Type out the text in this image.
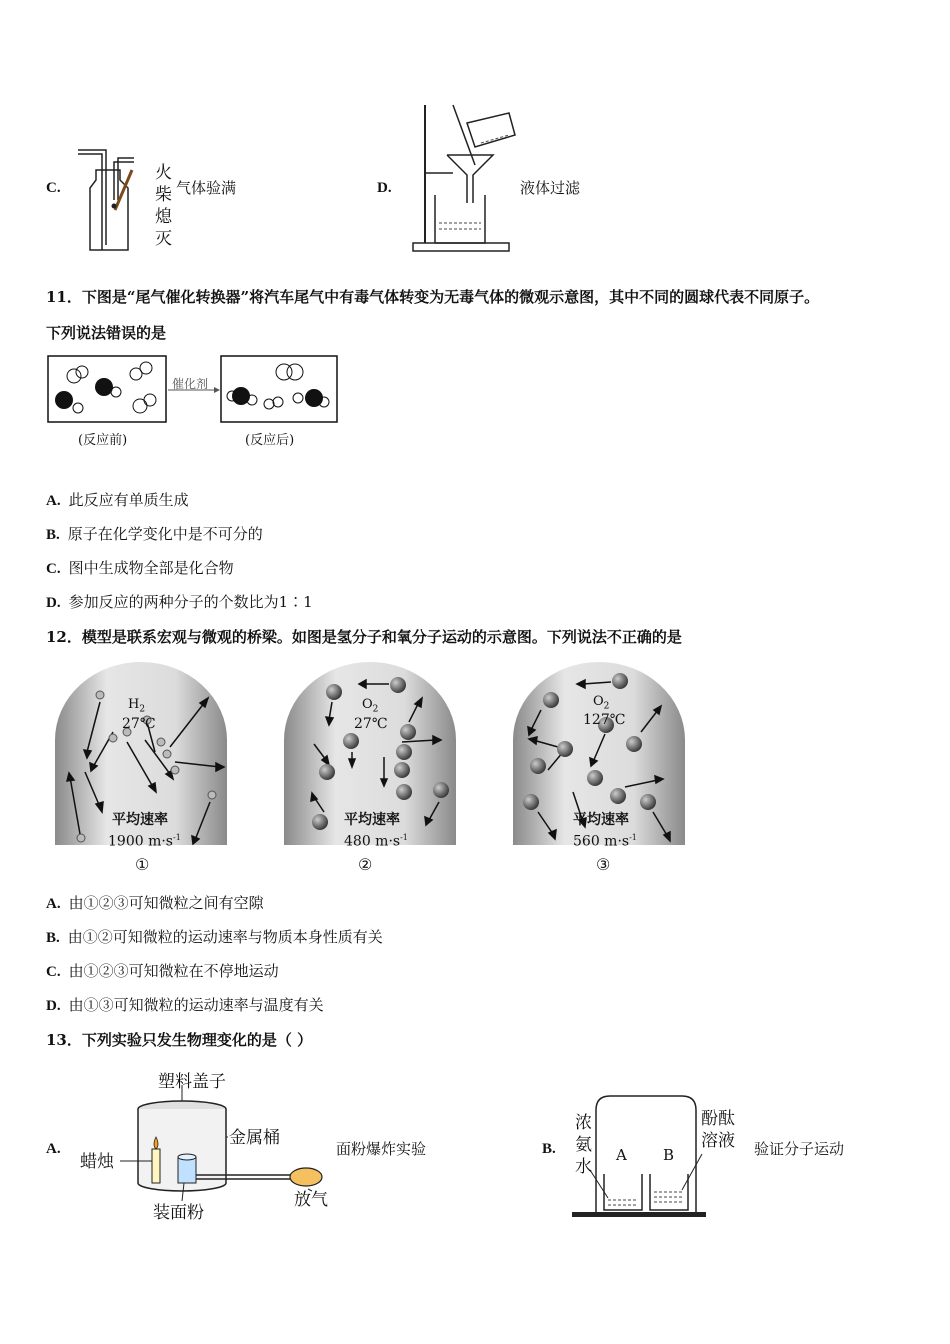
C.
火
柴
熄
灭
气体验满	D.	液体过滤
11．下图是“尾气催化转换器”将汽车尾气中有毒气体转变为无毒气体的微观示意图，其中不同的圆球代表不同原子。
下列说法错误的是
催化剂
(反应前)	(反应后)
A. 此反应有单质生成
B. 原子在化学变化中是不可分的
C. 图中生成物全部是化合物
D. 参加反应的两种分子的个数比为1∶1
12．模型是联系宏观与微观的桥梁。如图是氢分子和氧分子运动的示意图。下列说法不正确的是
$H_2$
27℃
平均速率
1900 $m\cdot s^{-1}$
①
$O_2$
27℃
平均速率
480 $m\cdot s^{-1}$
②
$O_2$
127℃
平均速率
560 $m\cdot s^{-1}$
③
A. 由①②③可知微粒之间有空隙
B. 由①②可知微粒的运动速率与物质本身性质有关
C. 由①②③可知微粒在不停地运动
D. 由①③可知微粒的运动速率与温度有关
13．下列实验只发生物理变化的是（ ）
A.
塑料盖子
金属桶
蜡烛
装面粉
放气
面粉爆炸实验	B.
浓
氨
水
酚酞
溶液
A B	验证分子运动
